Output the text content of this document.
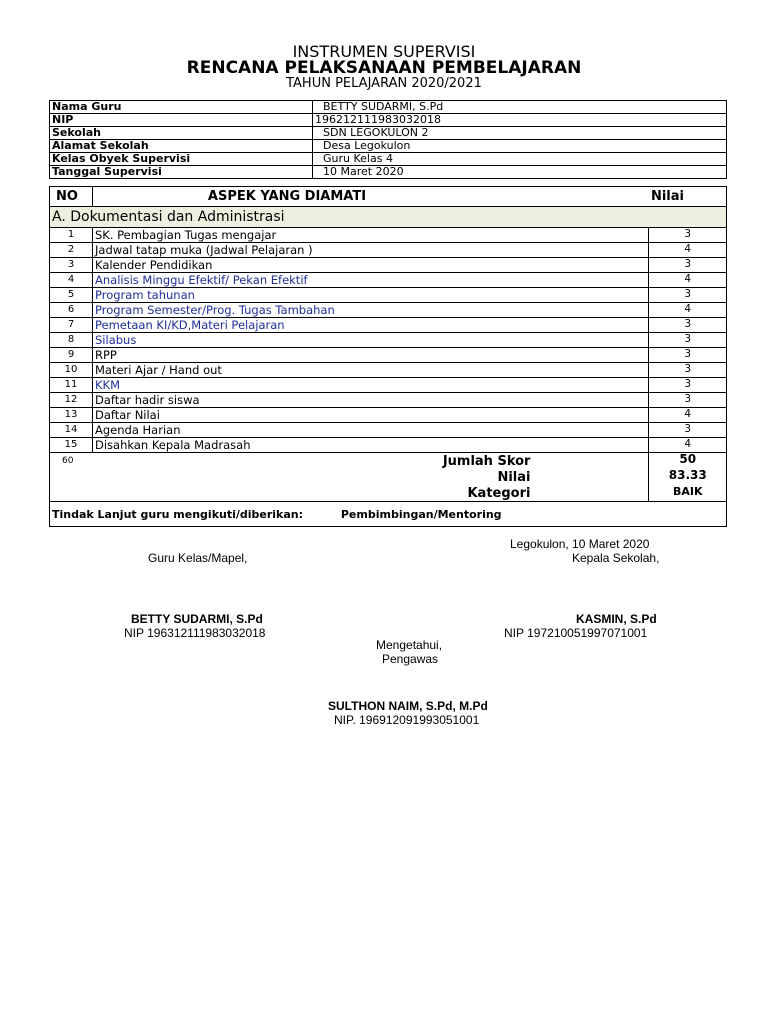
INSTRUMEN SUPERVISI
RENCANA PELAKSANAAN PEMBELAJARAN
TAHUN PELAJARAN 2020/2021
Nama Guru	BETTY SUDARMI, S.Pd
NIP	196212111983032018
Sekolah	SDN LEGOKULON 2
Alamat Sekolah	Desa Legokulon
Kelas Obyek Supervisi	Guru Kelas 4
Tanggal Supervisi	10 Maret 2020
NO	ASPEK YANG DIAMATI	Nilai
A. Dokumentasi dan Administrasi		
1	SK. Pembagian Tugas mengajar	3
2	Jadwal tatap muka (Jadwal Pelajaran )	4
3	Kalender Pendidikan	3
4	Analisis Minggu Efektif/ Pekan Efektif	4
5	Program tahunan	3
6	Program Semester/Prog. Tugas Tambahan	4
7	Pemetaan KI/KD,Materi Pelajaran	3
8	Silabus	3
9	RPP	3
10	Materi Ajar / Hand out	3
11	KKM	3
12	Daftar hadir siswa	3
13	Daftar Nilai	4
14	Agenda Harian	3
15	Disahkan Kepala Madrasah	4
60	Jumlah Skor	50
	Nilai	83.33
	Kategori	BAIK
Tindak Lanjut guru mengikuti/diberikan: Pembimbingan/Mentoring		
Legokulon, 10 Maret 2020
Guru Kelas/Mapel,	Kepala Sekolah,
BETTY SUDARMI, S.Pd
NIP 196312111983032018
KASMIN, S.Pd
NIP 197210051997071001
Mengetahui,
Pengawas
SULTHON NAIM, S.Pd, M.Pd
NIP. 196912091993051001
